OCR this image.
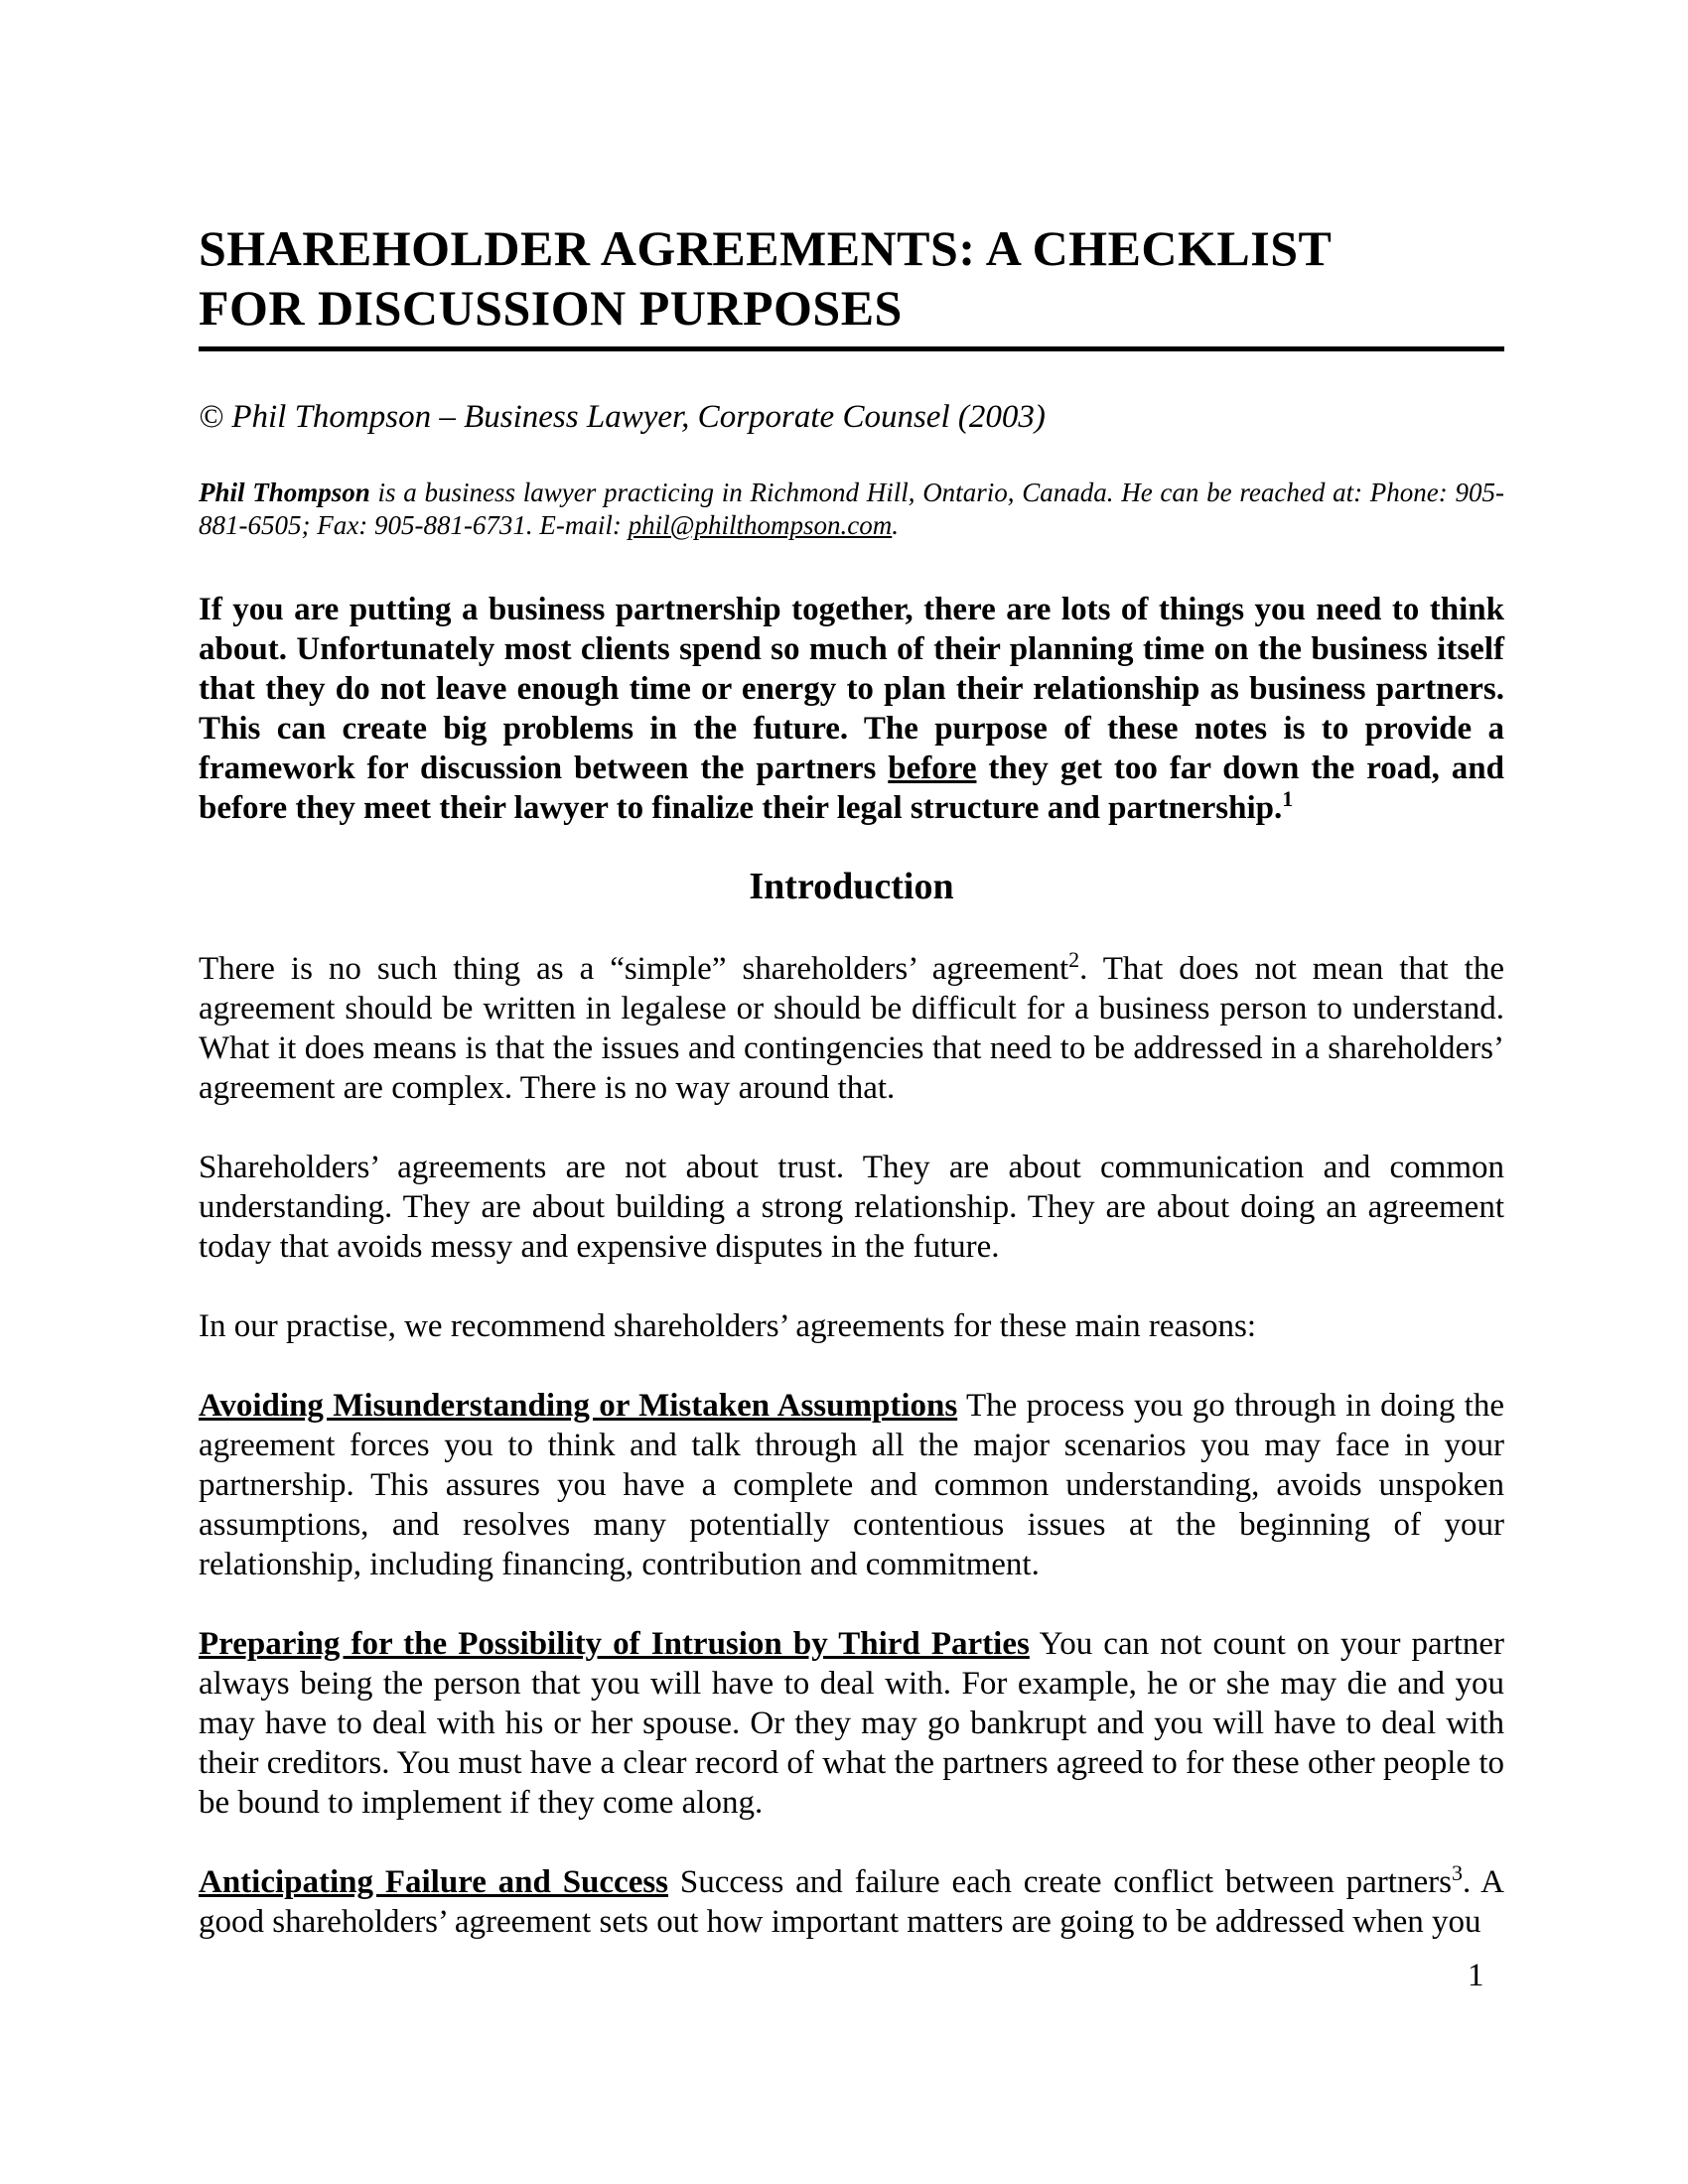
SHAREHOLDER AGREEMENTS: A CHECKLIST
FOR DISCUSSION PURPOSES

© Phil Thompson – Business Lawyer, Corporate Counsel (2003)

Phil Thompson is a business lawyer practicing in Richmond Hill, Ontario, Canada. He can be reached at: Phone: 905-881-6505; Fax: 905-881-6731. E-mail: phil@philthompson.com.

If you are putting a business partnership together, there are lots of things you need to think about. Unfortunately most clients spend so much of their planning time on the business itself that they do not leave enough time or energy to plan their relationship as business partners. This can create big problems in the future. The purpose of these notes is to provide a framework for discussion between the partners before they get too far down the road, and before they meet their lawyer to finalize their legal structure and partnership.$^1$

Introduction

There is no such thing as a “simple” shareholders’ agreement$^2$. That does not mean that the agreement should be written in legalese or should be difficult for a business person to understand. What it does means is that the issues and contingencies that need to be addressed in a shareholders’ agreement are complex. There is no way around that.

Shareholders’ agreements are not about trust. They are about communication and common understanding. They are about building a strong relationship. They are about doing an agreement today that avoids messy and expensive disputes in the future.

In our practise, we recommend shareholders’ agreements for these main reasons:

Avoiding Misunderstanding or Mistaken Assumptions The process you go through in doing the agreement forces you to think and talk through all the major scenarios you may face in your partnership. This assures you have a complete and common understanding, avoids unspoken assumptions, and resolves many potentially contentious issues at the beginning of your relationship, including financing, contribution and commitment.

Preparing for the Possibility of Intrusion by Third Parties You can not count on your partner always being the person that you will have to deal with. For example, he or she may die and you may have to deal with his or her spouse. Or they may go bankrupt and you will have to deal with their creditors. You must have a clear record of what the partners agreed to for these other people to be bound to implement if they come along.

Anticipating Failure and Success Success and failure each create conflict between partners$^3$. A good shareholders’ agreement sets out how important matters are going to be addressed when you

1
